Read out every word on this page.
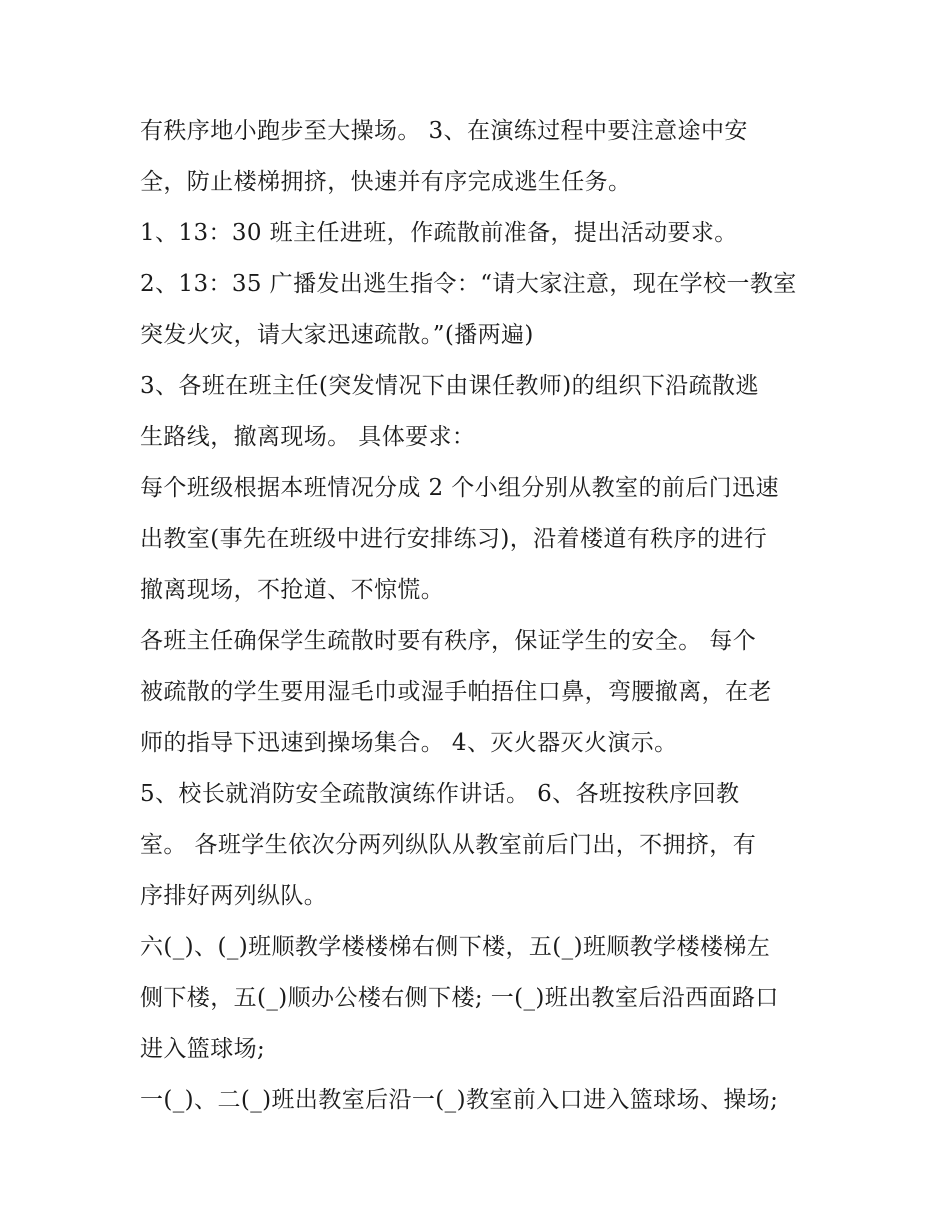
有秩序地小跑步至大操场。 3、在演练过程中要注意途中安
全，防止楼梯拥挤，快速并有序完成逃生任务。
1、13：30 班主任进班，作疏散前准备，提出活动要求。
2、13：35 广播发出逃生指令：“请大家注意，现在学校一教室
突发火灾，请大家迅速疏散。”(播两遍)
3、各班在班主任(突发情况下由课任教师)的组织下沿疏散逃
生路线，撤离现场。 具体要求：
每个班级根据本班情况分成 2 个小组分别从教室的前后门迅速
出教室(事先在班级中进行安排练习)，沿着楼道有秩序的进行
撤离现场，不抢道、不惊慌。
各班主任确保学生疏散时要有秩序，保证学生的安全。 每个
被疏散的学生要用湿毛巾或湿手帕捂住口鼻，弯腰撤离，在老
师的指导下迅速到操场集合。 4、灭火器灭火演示。
5、校长就消防安全疏散演练作讲话。 6、各班按秩序回教
室。 各班学生依次分两列纵队从教室前后门出，不拥挤，有
序排好两列纵队。
六(_)、(_)班顺教学楼楼梯右侧下楼，五(_)班顺教学楼楼梯左
侧下楼，五(_)顺办公楼右侧下楼; 一(_)班出教室后沿西面路口
进入篮球场;
一(_)、二(_)班出教室后沿一(_)教室前入口进入篮球场、操场;
